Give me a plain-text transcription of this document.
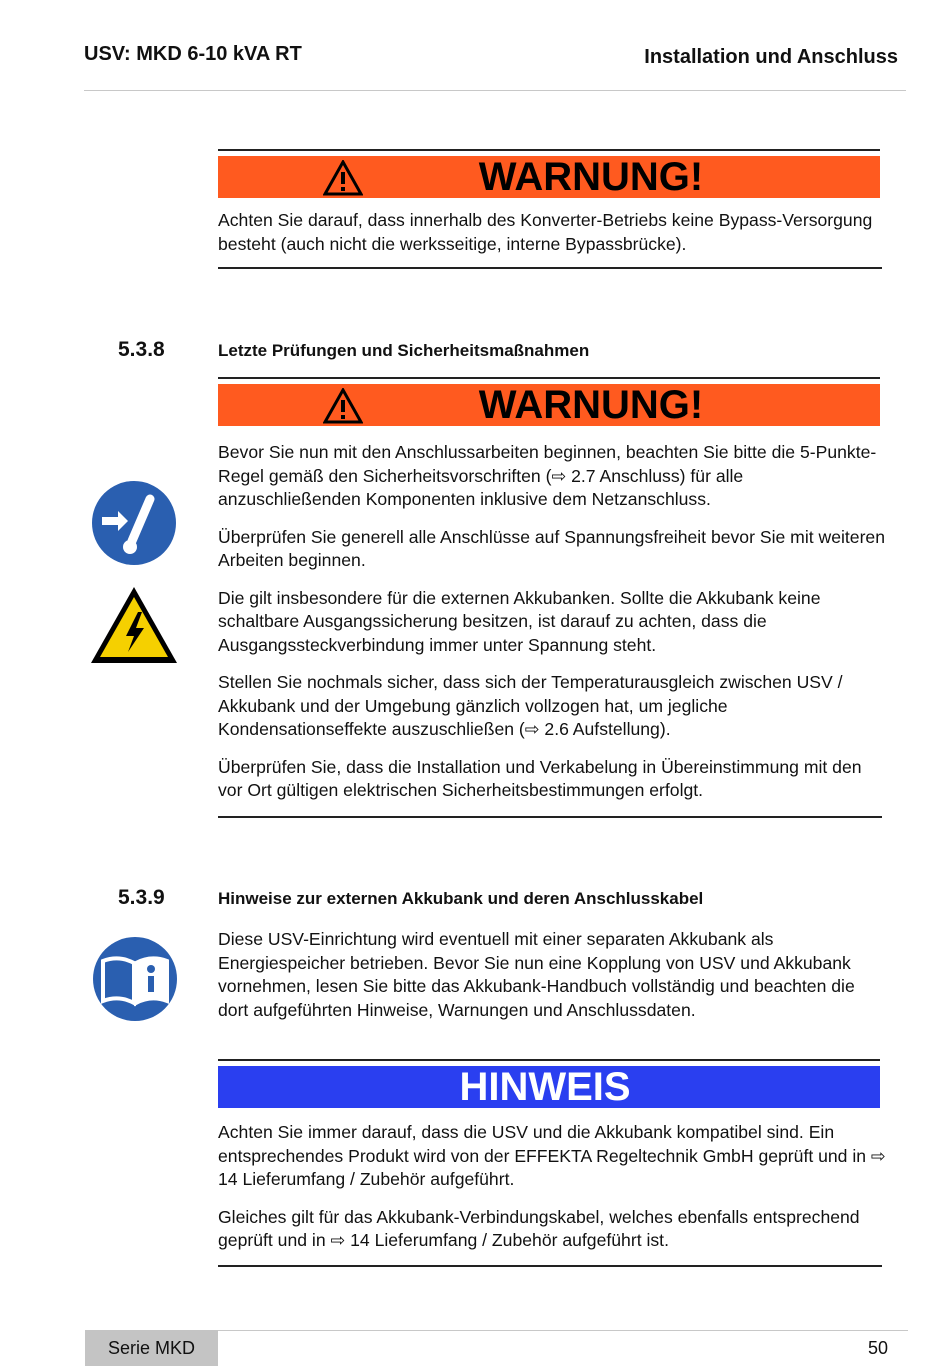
USV: MKD 6-10 kVA RT	Installation und Anschluss
WARNUNG!

Achten Sie darauf, dass innerhalb des Konverter-Betriebs keine Bypass-Versorgung besteht (auch nicht die werksseitige, interne Bypassbrücke).

5.3.8	Letzte Prüfungen und Sicherheitsmaßnahmen
WARNUNG!

Bevor Sie nun mit den Anschlussarbeiten beginnen, beachten Sie bitte die 5-Punkte-Regel gemäß den Sicherheitsvorschriften (⇨ 2.7 Anschluss) für alle anzuschließenden Komponenten inklusive dem Netzanschluss.

Überprüfen Sie generell alle Anschlüsse auf Spannungsfreiheit bevor Sie mit weiteren Arbeiten beginnen.

Die gilt insbesondere für die externen Akkubanken. Sollte die Akkubank keine schaltbare Ausgangssicherung besitzen, ist darauf zu achten, dass die Ausgangssteckverbindung immer unter Spannung steht.

Stellen Sie nochmals sicher, dass sich der Temperaturausgleich zwischen USV / Akkubank und der Umgebung gänzlich vollzogen hat, um jegliche Kondensationseffekte auszuschließen (⇨ 2.6 Aufstellung).

Überprüfen Sie, dass die Installation und Verkabelung in Übereinstimmung mit den vor Ort gültigen elektrischen Sicherheitsbestimmungen erfolgt.

5.3.9	Hinweise zur externen Akkubank und deren Anschlusskabel

Diese USV-Einrichtung wird eventuell mit einer separaten Akkubank als Energiespeicher betrieben. Bevor Sie nun eine Kopplung von USV und Akkubank vornehmen, lesen Sie bitte das Akkubank-Handbuch vollständig und beachten die dort aufgeführten Hinweise, Warnungen und Anschlussdaten.

HINWEIS

Achten Sie immer darauf, dass die USV und die Akkubank kompatibel sind. Ein entsprechendes Produkt wird von der EFFEKTA Regeltechnik GmbH geprüft und in ⇨ 14 Lieferumfang / Zubehör aufgeführt.

Gleiches gilt für das Akkubank-Verbindungskabel, welches ebenfalls entsprechend geprüft und in ⇨ 14 Lieferumfang / Zubehör aufgeführt ist.

Serie MKD	50
